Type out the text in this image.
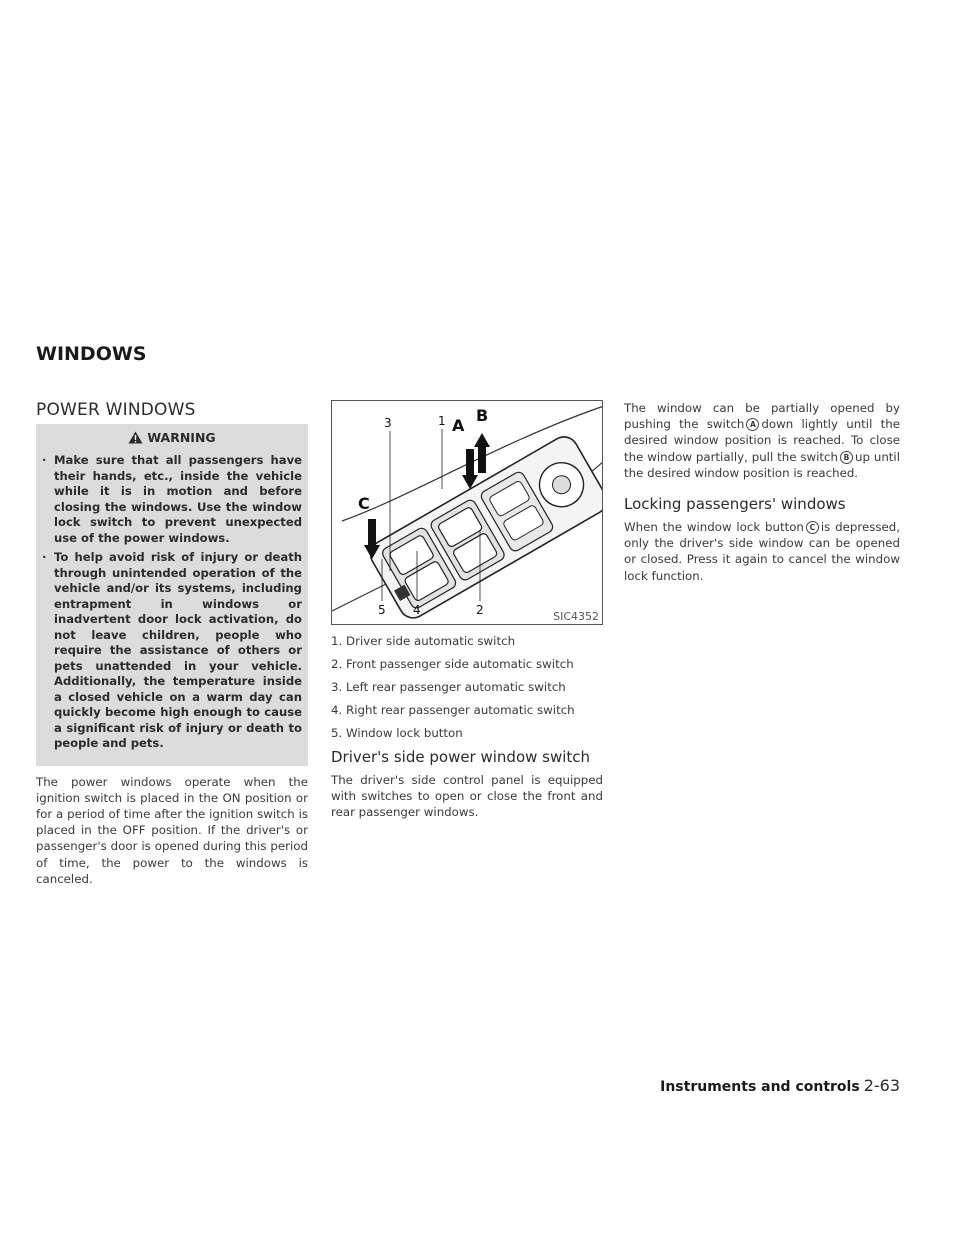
WINDOWS
POWER WINDOWS
WARNING
· Make sure that all passengers have their hands, etc., inside the vehicle while it is in motion and before closing the windows. Use the window lock switch to prevent unexpected use of the power windows.
· To help avoid risk of injury or death through unintended operation of the vehicle and/or its systems, including entrapment in windows or inadvertent door lock activation, do not leave children, people who require the assistance of others or pets unattended in your vehicle. Additionally, the temperature inside a closed vehicle on a warm day can quickly become high enough to cause a significant risk of injury or death to people and pets.

The power windows operate when the ignition switch is placed in the ON position or for a period of time after the ignition switch is placed in the OFF position. If the driver's or passenger's door is opened during this period of time, the power to the windows is canceled.

3	1
5 4	2
A
B
C
SIC4352
1. Driver side automatic switch
2. Front passenger side automatic switch
3. Left rear passenger automatic switch
4. Right rear passenger automatic switch
5. Window lock button
Driver's side power window switch

The driver's side control panel is equipped with switches to open or close the front and rear passenger windows.

The window can be partially opened by pushing the switch A down lightly until the desired window position is reached. To close the window partially, pull the switch B up until the desired window position is reached.

Locking passengers' windows

When the window lock button C is depressed, only the driver's side window can be opened or closed. Press it again to cancel the window lock function.

Instruments and controls 2-63
